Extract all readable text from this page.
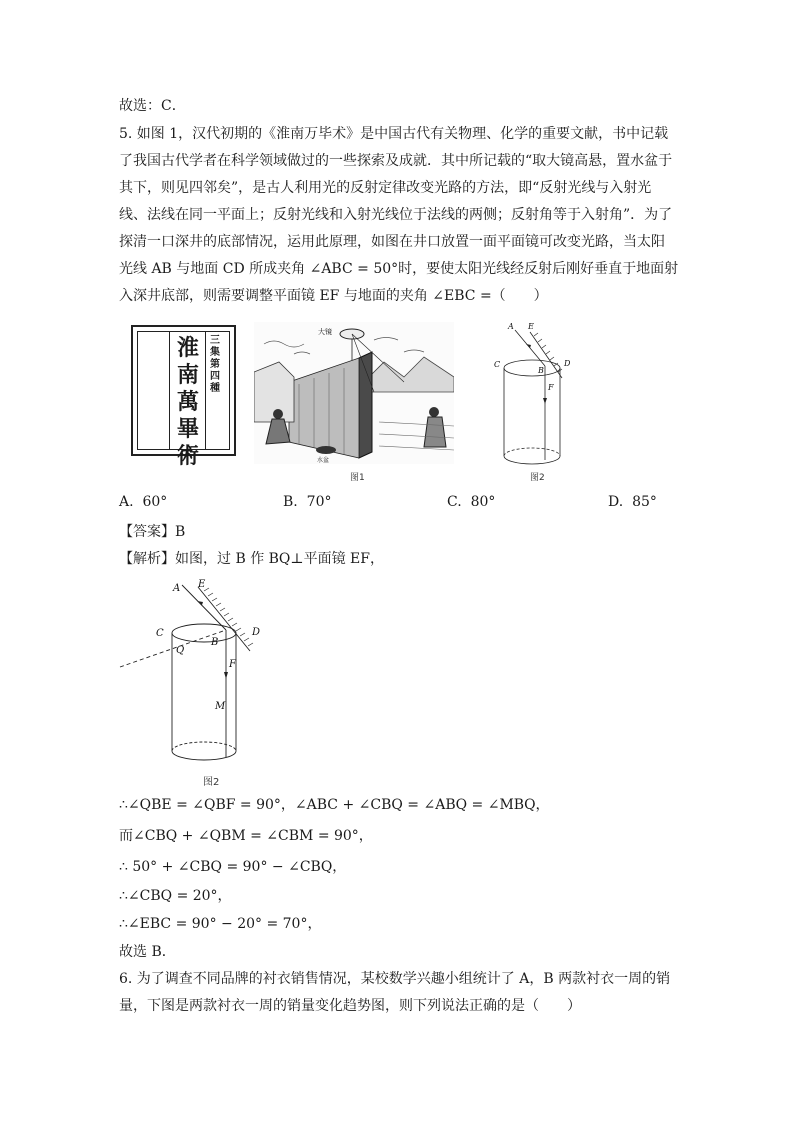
故选：C．
5. 如图 1，汉代初期的《淮南万毕术》是中国古代有关物理、化学的重要文献，书中记载
了我国古代学者在科学领域做过的一些探索及成就．其中所记载的“取大镜高悬，置水盆于
其下，则见四邻矣”，是古人利用光的反射定律改变光路的方法，即“反射光线与入射光
线、法线在同一平面上；反射光线和入射光线位于法线的两侧；反射角等于入射角”．为了
探清一口深井的底部情况，运用此原理，如图在井口放置一面平面镜可改变光路，当太阳
光线 AB 与地面 CD 所成夹角 ∠ABC = 50°时，要使太阳光线经反射后刚好垂直于地面射
入深井底部，则需要调整平面镜 EF 与地面的夹角 ∠EBC =（　　）
淮南萬畢術
三集第四種
大镜
水盆
图1
A E
C
B
D
F
图2
A. 60°	B. 70°	C. 80°	D. 85°
【答案】B
【解析】如图，过 B 作 BQ⊥平面镜 EF，
A E
C
Q
B
D
F
M
图2
∴∠QBE = ∠QBF = 90°，∠ABC + ∠CBQ = ∠ABQ = ∠MBQ，
而∠CBQ + ∠QBM = ∠CBM = 90°，
∴ 50° + ∠CBQ = 90° − ∠CBQ，
∴∠CBQ = 20°，
∴∠EBC = 90° − 20° = 70°，
故选 B．
6. 为了调查不同品牌的衬衣销售情况，某校数学兴趣小组统计了 A，B 两款衬衣一周的销
量，下图是两款衬衣一周的销量变化趋势图，则下列说法正确的是（　　）
